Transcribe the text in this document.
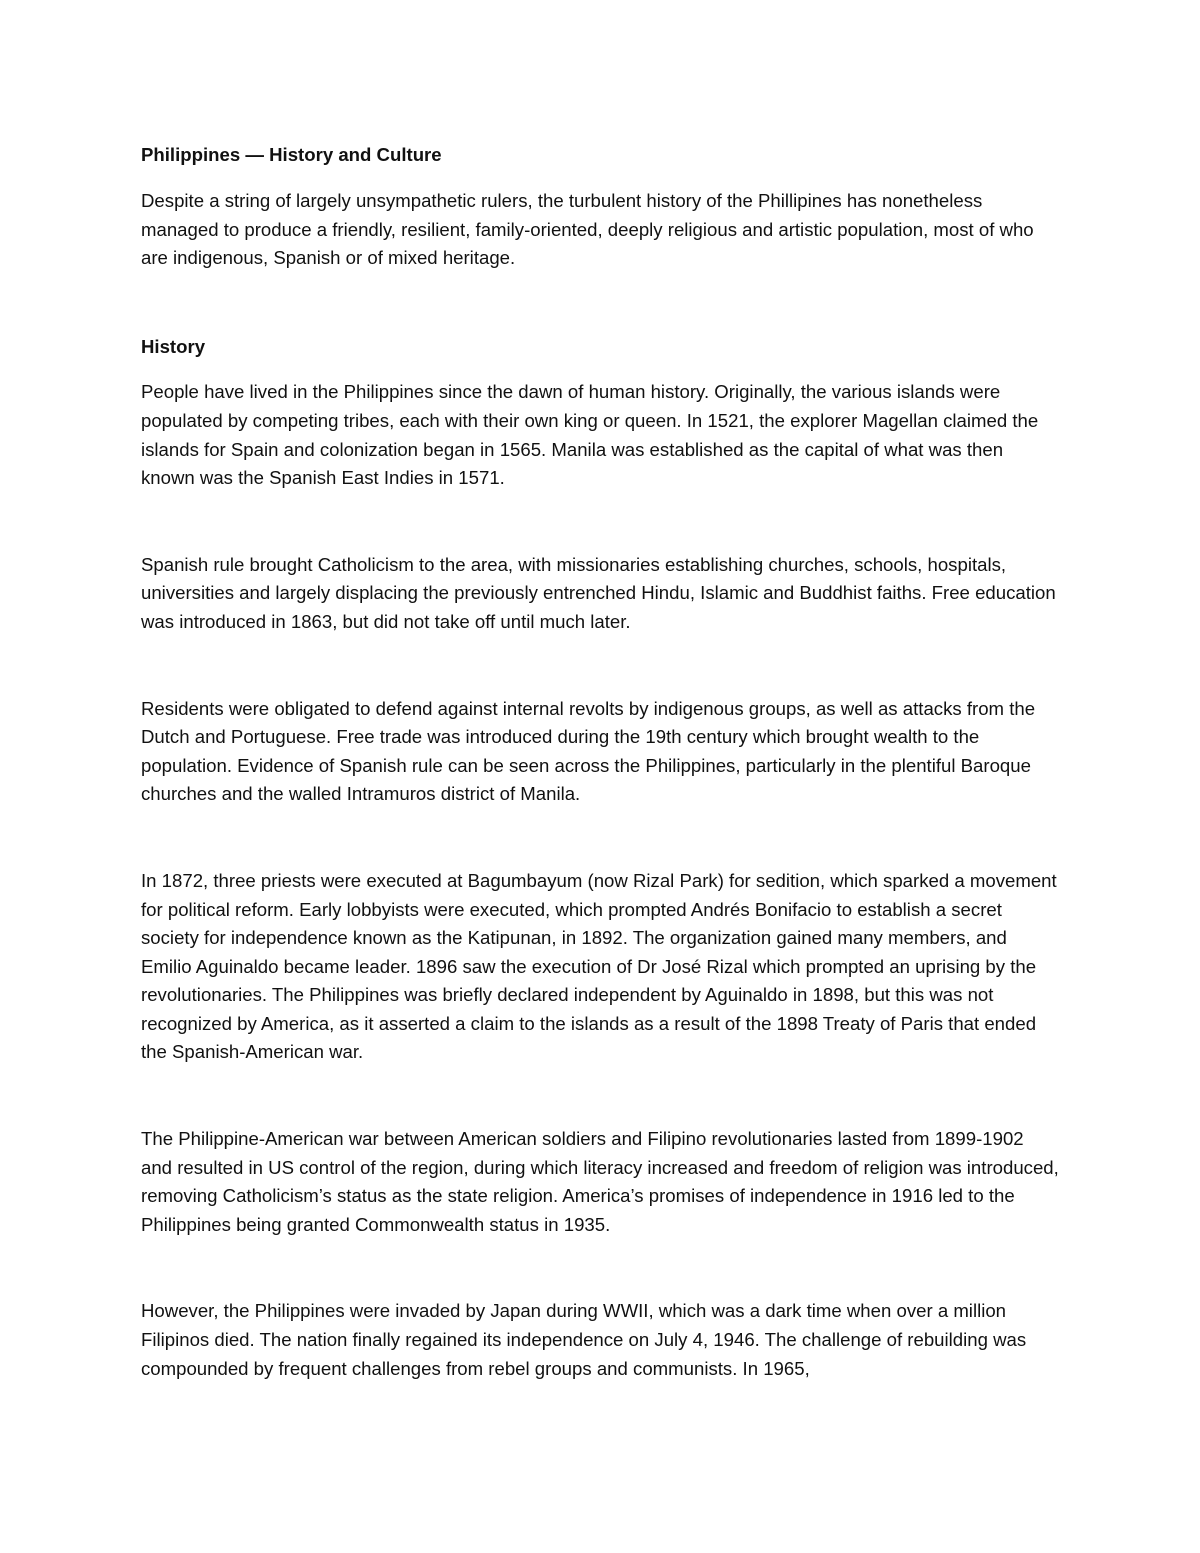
Philippines — History and Culture

Despite a string of largely unsympathetic rulers, the turbulent history of the Phillipines has nonetheless managed to produce a friendly, resilient, family-oriented, deeply religious and artistic population, most of who are indigenous, Spanish or of mixed heritage.

History

People have lived in the Philippines since the dawn of human history. Originally, the various islands were populated by competing tribes, each with their own king or queen. In 1521, the explorer Magellan claimed the islands for Spain and colonization began in 1565. Manila was established as the capital of what was then known was the Spanish East Indies in 1571.

Spanish rule brought Catholicism to the area, with missionaries establishing churches, schools, hospitals, universities and largely displacing the previously entrenched Hindu, Islamic and Buddhist faiths. Free education was introduced in 1863, but did not take off until much later.

Residents were obligated to defend against internal revolts by indigenous groups, as well as attacks from the Dutch and Portuguese. Free trade was introduced during the 19th century which brought wealth to the population. Evidence of Spanish rule can be seen across the Philippines, particularly in the plentiful Baroque churches and the walled Intramuros district of Manila.

In 1872, three priests were executed at Bagumbayum (now Rizal Park) for sedition, which sparked a movement for political reform. Early lobbyists were executed, which prompted Andrés Bonifacio to establish a secret society for independence known as the Katipunan, in 1892. The organization gained many members, and Emilio Aguinaldo became leader. 1896 saw the execution of Dr José Rizal which prompted an uprising by the revolutionaries. The Philippines was briefly declared independent by Aguinaldo in 1898, but this was not recognized by America, as it asserted a claim to the islands as a result of the 1898 Treaty of Paris that ended the Spanish-American war.

The Philippine-American war between American soldiers and Filipino revolutionaries lasted from 1899-1902 and resulted in US control of the region, during which literacy increased and freedom of religion was introduced, removing Catholicism’s status as the state religion. America’s promises of independence in 1916 led to the Philippines being granted Commonwealth status in 1935.

However, the Philippines were invaded by Japan during WWII, which was a dark time when over a million Filipinos died. The nation finally regained its independence on July 4, 1946. The challenge of rebuilding was compounded by frequent challenges from rebel groups and communists. In 1965,
